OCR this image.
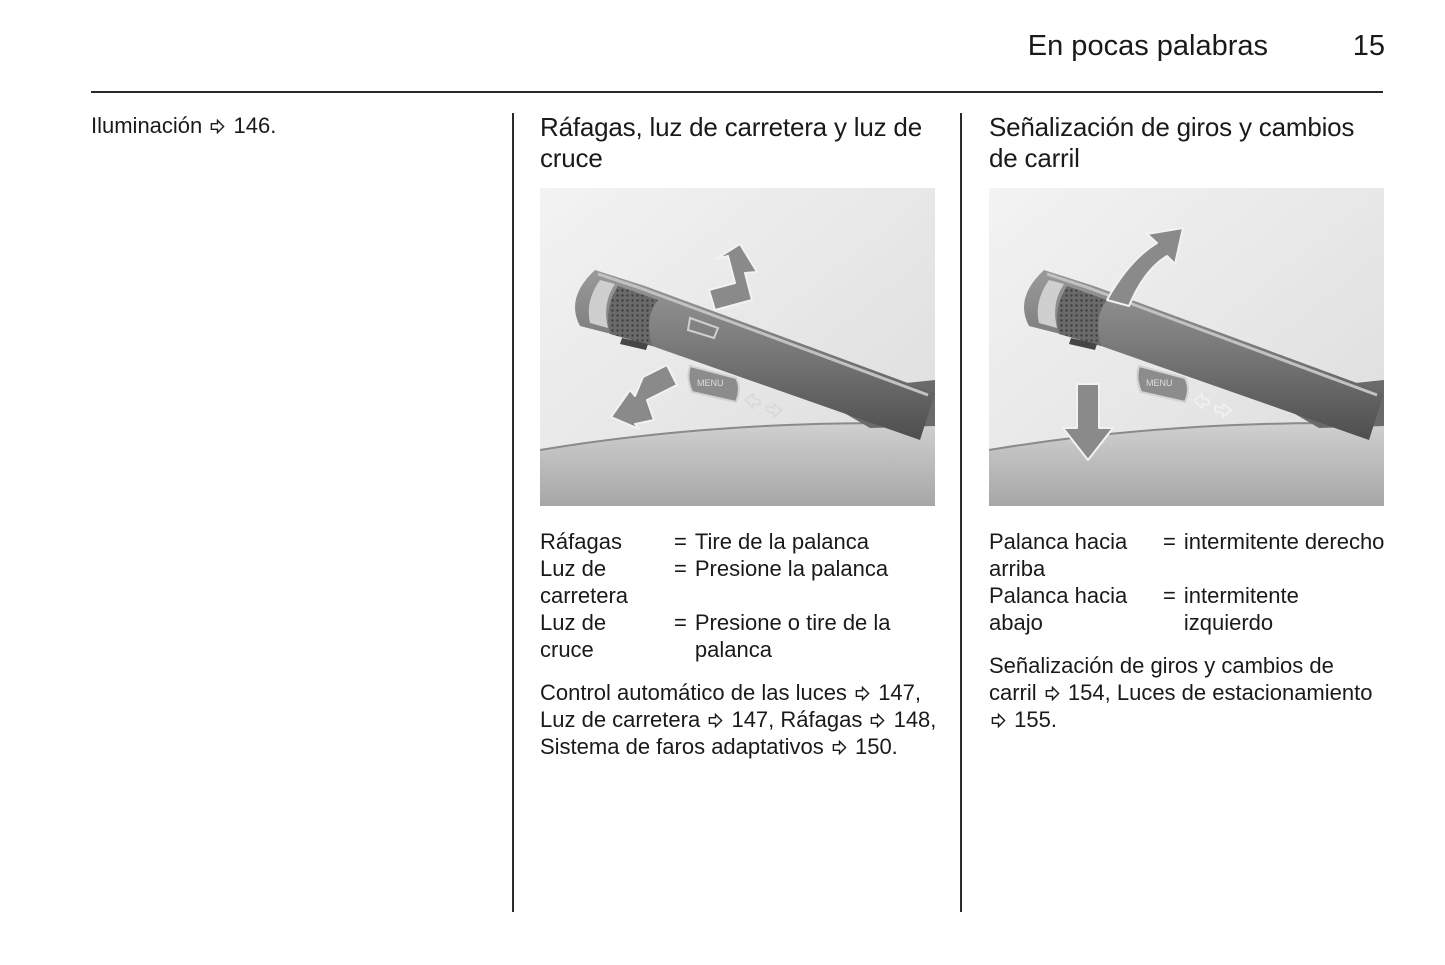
En pocas palabras	15
Iluminación 146.	Ráfagas, luz de carretera y luz de cruce
MENU
Ráfagas	=	Tire de la palanca
Luz de carretera	=	Presione la palanca
Luz de cruce	=	Presione o tire de la palanca

Control automático de las luces 147, Luz de carretera 147, Ráfagas 148, Sistema de faros adaptativos 150.

Señalización de giros y cambios de carril
MENU
Palanca hacia arriba	=	intermitente derecho
Palanca hacia abajo	=	intermitente izquierdo

Señalización de giros y cambios de carril 154, Luces de estacionamiento  155.
